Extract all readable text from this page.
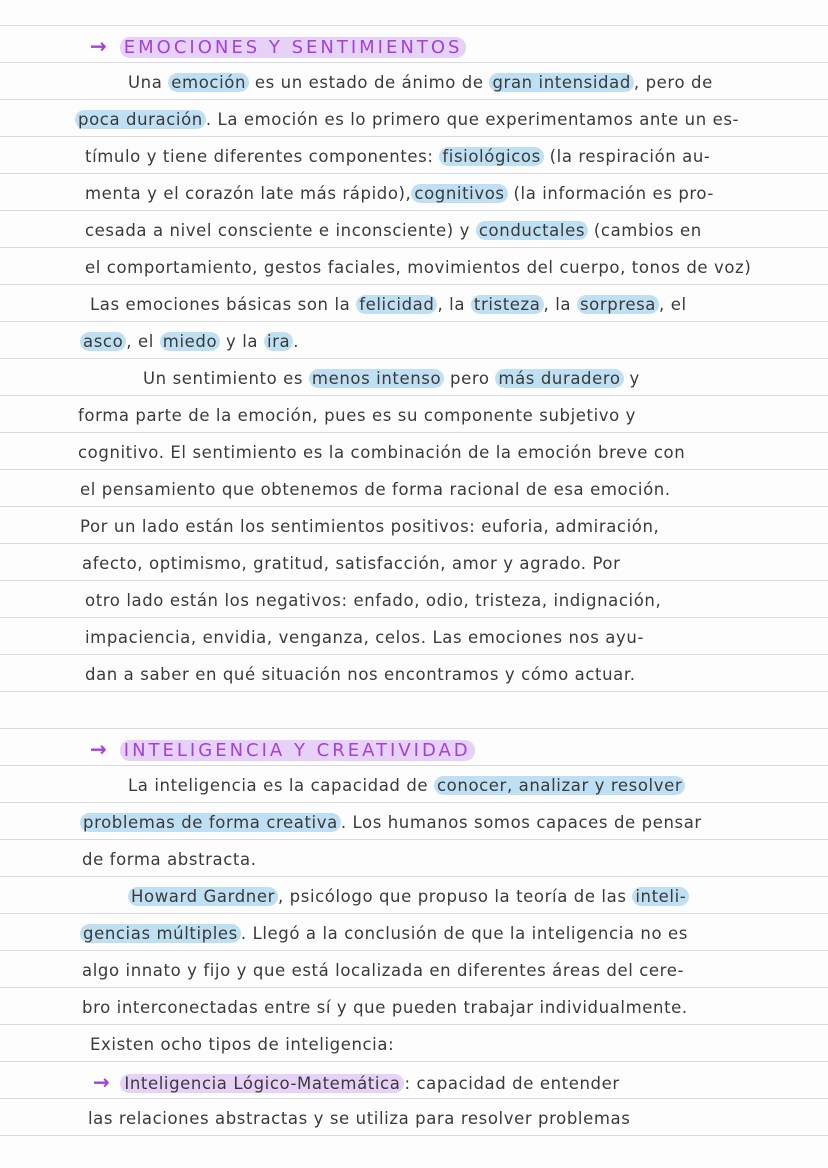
→ EMOCIONES Y SENTIMIENTOS
Una emoción es un estado de ánimo de gran intensidad , pero de
poca duración . La emoción es lo primero que experimentamos ante un es-
tímulo y tiene diferentes componentes: fisiológicos (la respiración au-
menta y el corazón late más rápido), cognitivos (la información es pro-
cesada a nivel consciente e inconsciente) y conductales (cambios en
el comportamiento, gestos faciales, movimientos del cuerpo, tonos de voz)
Las emociones básicas son la felicidad , la tristeza , la sorpresa , el
asco , el miedo y la ira .
Un sentimiento es menos intenso pero más duradero y
forma parte de la emoción, pues es su componente subjetivo y
cognitivo. El sentimiento es la combinación de la emoción breve con
el pensamiento que obtenemos de forma racional de esa emoción.
Por un lado están los sentimientos positivos: euforia, admiración,
afecto, optimismo, gratitud, satisfacción, amor y agrado. Por
otro lado están los negativos: enfado, odio, tristeza, indignación,
impaciencia, envidia, venganza, celos. Las emociones nos ayu-
dan a saber en qué situación nos encontramos y cómo actuar.
→ INTELIGENCIA Y CREATIVIDAD
La inteligencia es la capacidad de conocer, analizar y resolver
problemas de forma creativa . Los humanos somos capaces de pensar
de forma abstracta.
Howard Gardner , psicólogo que propuso la teoría de las inteli-
gencias múltiples . Llegó a la conclusión de que la inteligencia no es
algo innato y fijo y que está localizada en diferentes áreas del cere-
bro interconectadas entre sí y que pueden trabajar individualmente.
Existen ocho tipos de inteligencia:
→ Inteligencia Lógico-Matemática : capacidad de entender
las relaciones abstractas y se utiliza para resolver problemas
